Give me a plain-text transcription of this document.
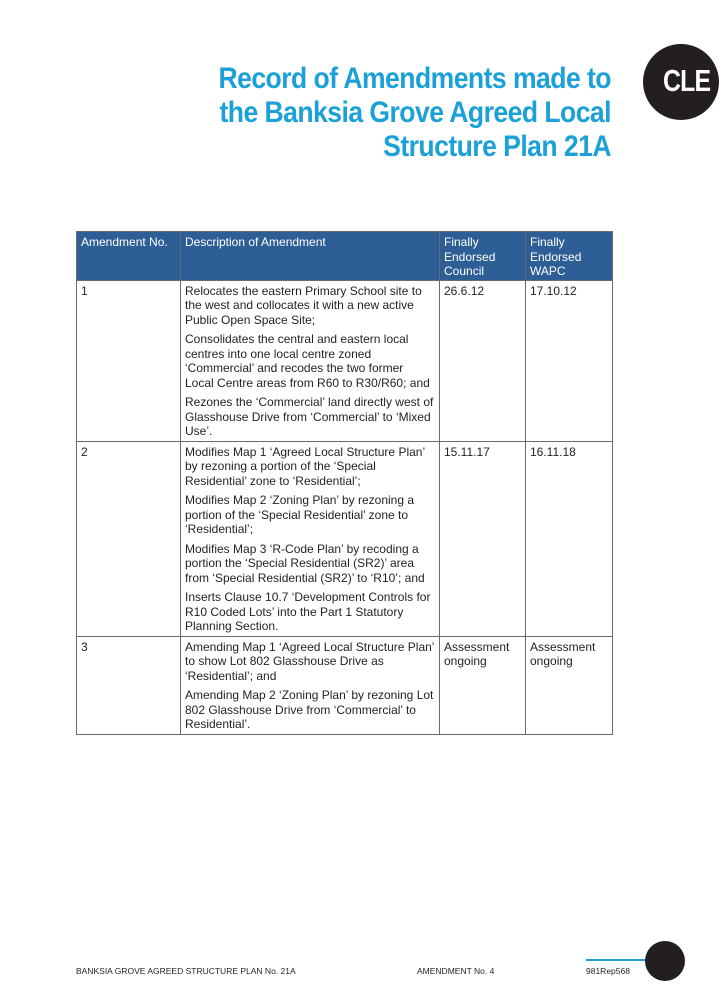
Record of Amendments made to
the Banksia Grove Agreed Local
Structure Plan 21A
CLE
Amendment No.	Description of Amendment	Finally Endorsed Council	Finally Endorsed WAPC
1	Relocates the eastern Primary School site to the west and collocates it with a new active Public Open Space Site;

Consolidates the central and eastern local centres into one local centre zoned ‘Commercial’ and recodes the two former Local Centre areas from R60 to R30/R60; and

Rezones the ‘Commercial’ land directly west of Glasshouse Drive from ‘Commercial’ to ‘Mixed Use’.	26.6.12	17.10.12
2	Modifies Map 1 ‘Agreed Local Structure Plan’ by rezoning a portion of the ‘Special Residential’ zone to ‘Residential’;

Modifies Map 2 ‘Zoning Plan’ by rezoning a portion of the ‘Special Residential’ zone to ‘Residential’;

Modifies Map 3 ‘R-Code Plan’ by recoding a portion the ‘Special Residential (SR2)’ area from ‘Special Residential (SR2)’ to ‘R10’; and

Inserts Clause 10.7 ‘Development Controls for R10 Coded Lots’ into the Part 1 Statutory Planning Section.	15.11.17	16.11.18
3	Amending Map 1 ‘Agreed Local Structure Plan’ to show Lot 802 Glasshouse Drive as ‘Residential’; and

Amending Map 2 ‘Zoning Plan’ by rezoning Lot 802 Glasshouse Drive from ‘Commercial’ to Residential’.	Assessment ongoing	Assessment ongoing
BANKSIA GROVE AGREED STRUCTURE PLAN No. 21A	AMENDMENT No. 4	981Rep568
